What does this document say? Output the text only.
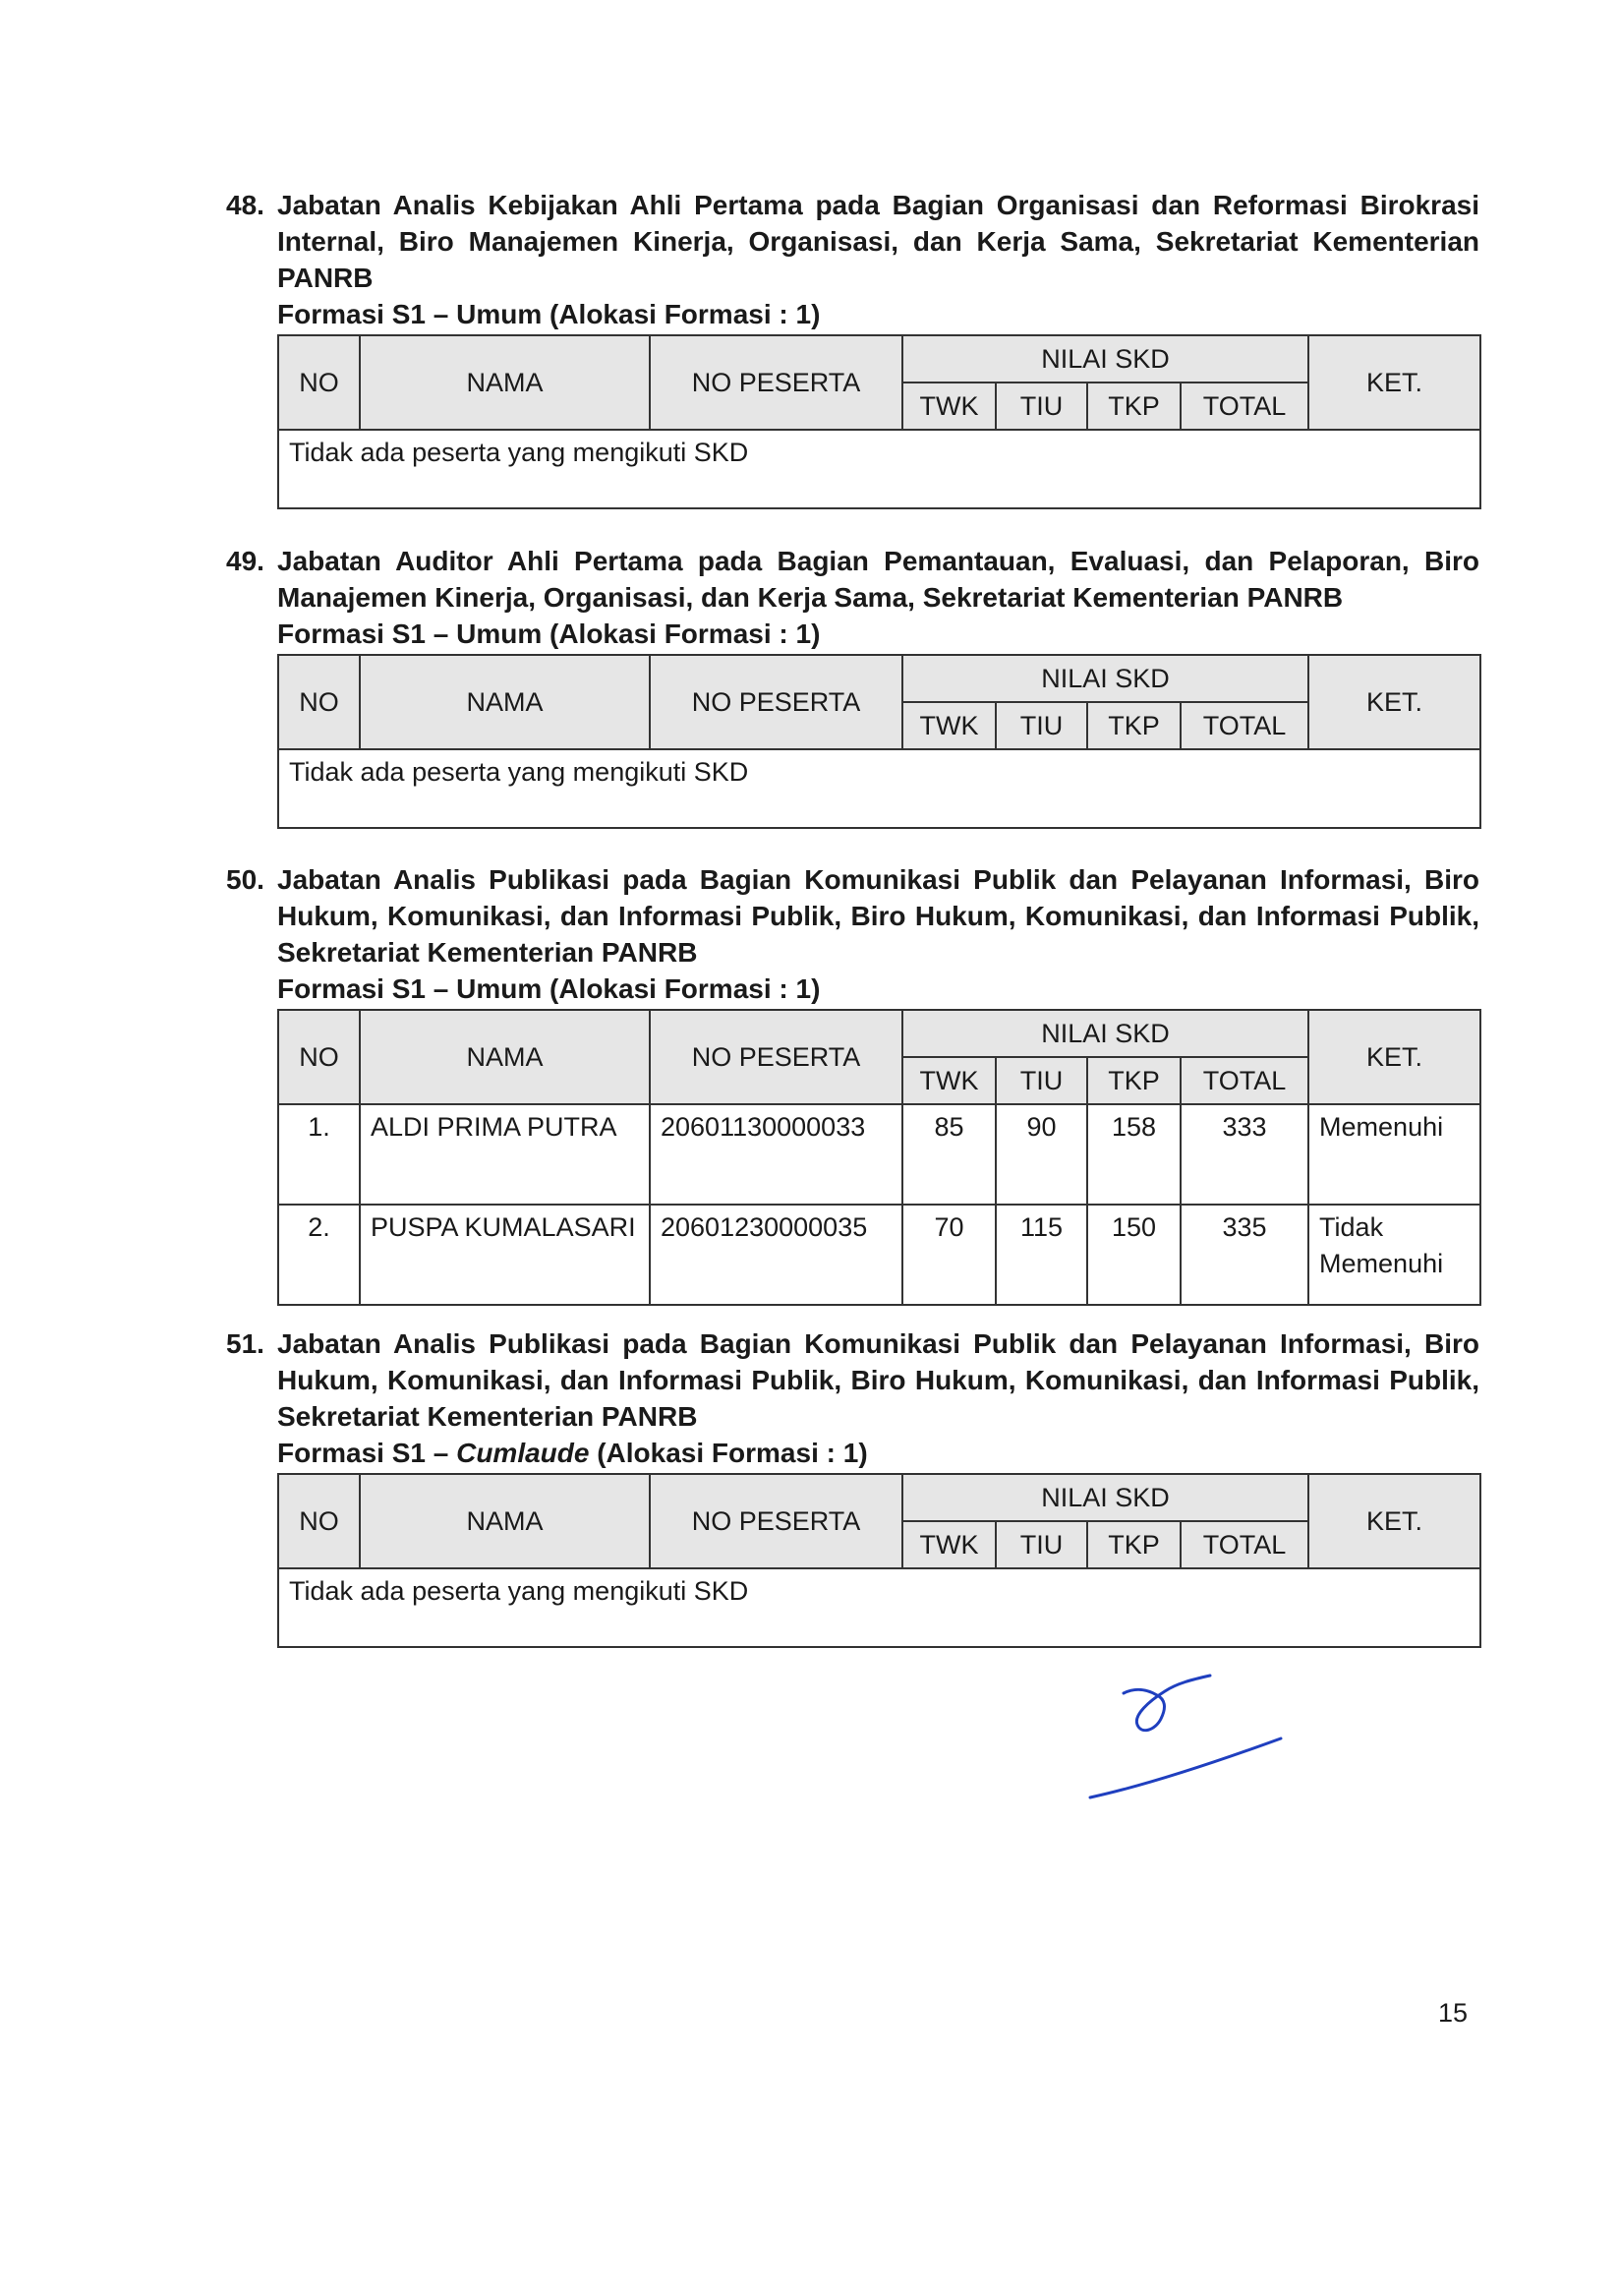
48. Jabatan Analis Kebijakan Ahli Pertama pada Bagian Organisasi dan Reformasi Birokrasi Internal, Biro Manajemen Kinerja, Organisasi, dan Kerja Sama, Sekretariat Kementerian PANRB
Formasi S1 – Umum (Alokasi Formasi : 1)
NO	NAMA	NO PESERTA	NILAI SKD				KET.
			TWK	TIU	TKP	TOTAL	
Tidak ada peserta yang mengikuti SKD							
49. Jabatan Auditor Ahli Pertama pada Bagian Pemantauan, Evaluasi, dan Pelaporan, Biro Manajemen Kinerja, Organisasi, dan Kerja Sama, Sekretariat Kementerian PANRB
Formasi S1 – Umum (Alokasi Formasi : 1)
NO	NAMA	NO PESERTA	NILAI SKD				KET.
			TWK	TIU	TKP	TOTAL	
Tidak ada peserta yang mengikuti SKD							
50. Jabatan Analis Publikasi pada Bagian Komunikasi Publik dan Pelayanan Informasi, Biro Hukum, Komunikasi, dan Informasi Publik, Biro Hukum, Komunikasi, dan Informasi Publik, Sekretariat Kementerian PANRB
Formasi S1 – Umum (Alokasi Formasi : 1)
NO	NAMA	NO PESERTA	NILAI SKD				KET.
			TWK	TIU	TKP	TOTAL	
1.	ALDI PRIMA PUTRA	20601130000033	85	90	158	333	Memenuhi
2.	PUSPA KUMALASARI	20601230000035	70	115	150	335	Tidak Memenuhi
51. Jabatan Analis Publikasi pada Bagian Komunikasi Publik dan Pelayanan Informasi, Biro Hukum, Komunikasi, dan Informasi Publik, Biro Hukum, Komunikasi, dan Informasi Publik, Sekretariat Kementerian PANRB
Formasi S1 – Cumlaude (Alokasi Formasi : 1)
NO	NAMA	NO PESERTA	NILAI SKD				KET.
			TWK	TIU	TKP	TOTAL	
Tidak ada peserta yang mengikuti SKD							
15
